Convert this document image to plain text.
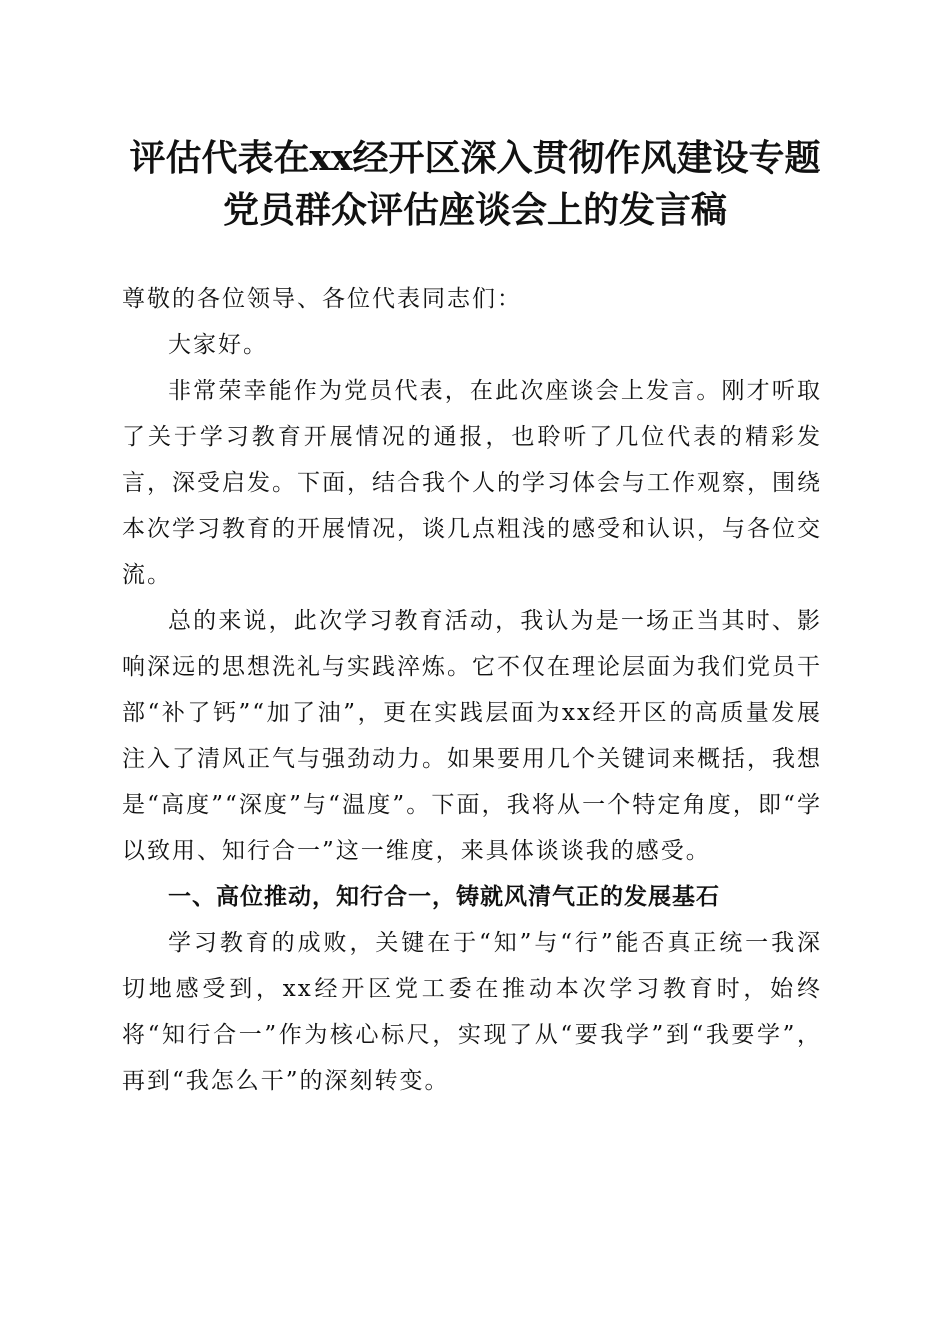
评估代表在xx经开区深入贯彻作风建设专题
党员群众评估座谈会上的发言稿

尊敬的各位领导、各位代表同志们：

大家好。

非常荣幸能作为党员代表，在此次座谈会上发言。刚才听取了关于学习教育开展情况的通报，也聆听了几位代表的精彩发言，深受启发。下面，结合我个人的学习体会与工作观察，围绕本次学习教育的开展情况，谈几点粗浅的感受和认识，与各位交流。

总的来说，此次学习教育活动，我认为是一场正当其时、影响深远的思想洗礼与实践淬炼。它不仅在理论层面为我们党员干部“补了钙”“加了油”，更在实践层面为xx经开区的高质量发展注入了清风正气与强劲动力。如果要用几个关键词来概括，我想是“高度”“深度”与“温度”。下面，我将从一个特定角度，即“学以致用、知行合一”这一维度，来具体谈谈我的感受。

一、高位推动，知行合一，铸就风清气正的发展基石

学习教育的成败，关键在于“知”与“行”能否真正统一我深切地感受到，xx经开区党工委在推动本次学习教育时，始终将“知行合一”作为核心标尺，实现了从“要我学”到“我要学”，再到“我怎么干”的深刻转变。
